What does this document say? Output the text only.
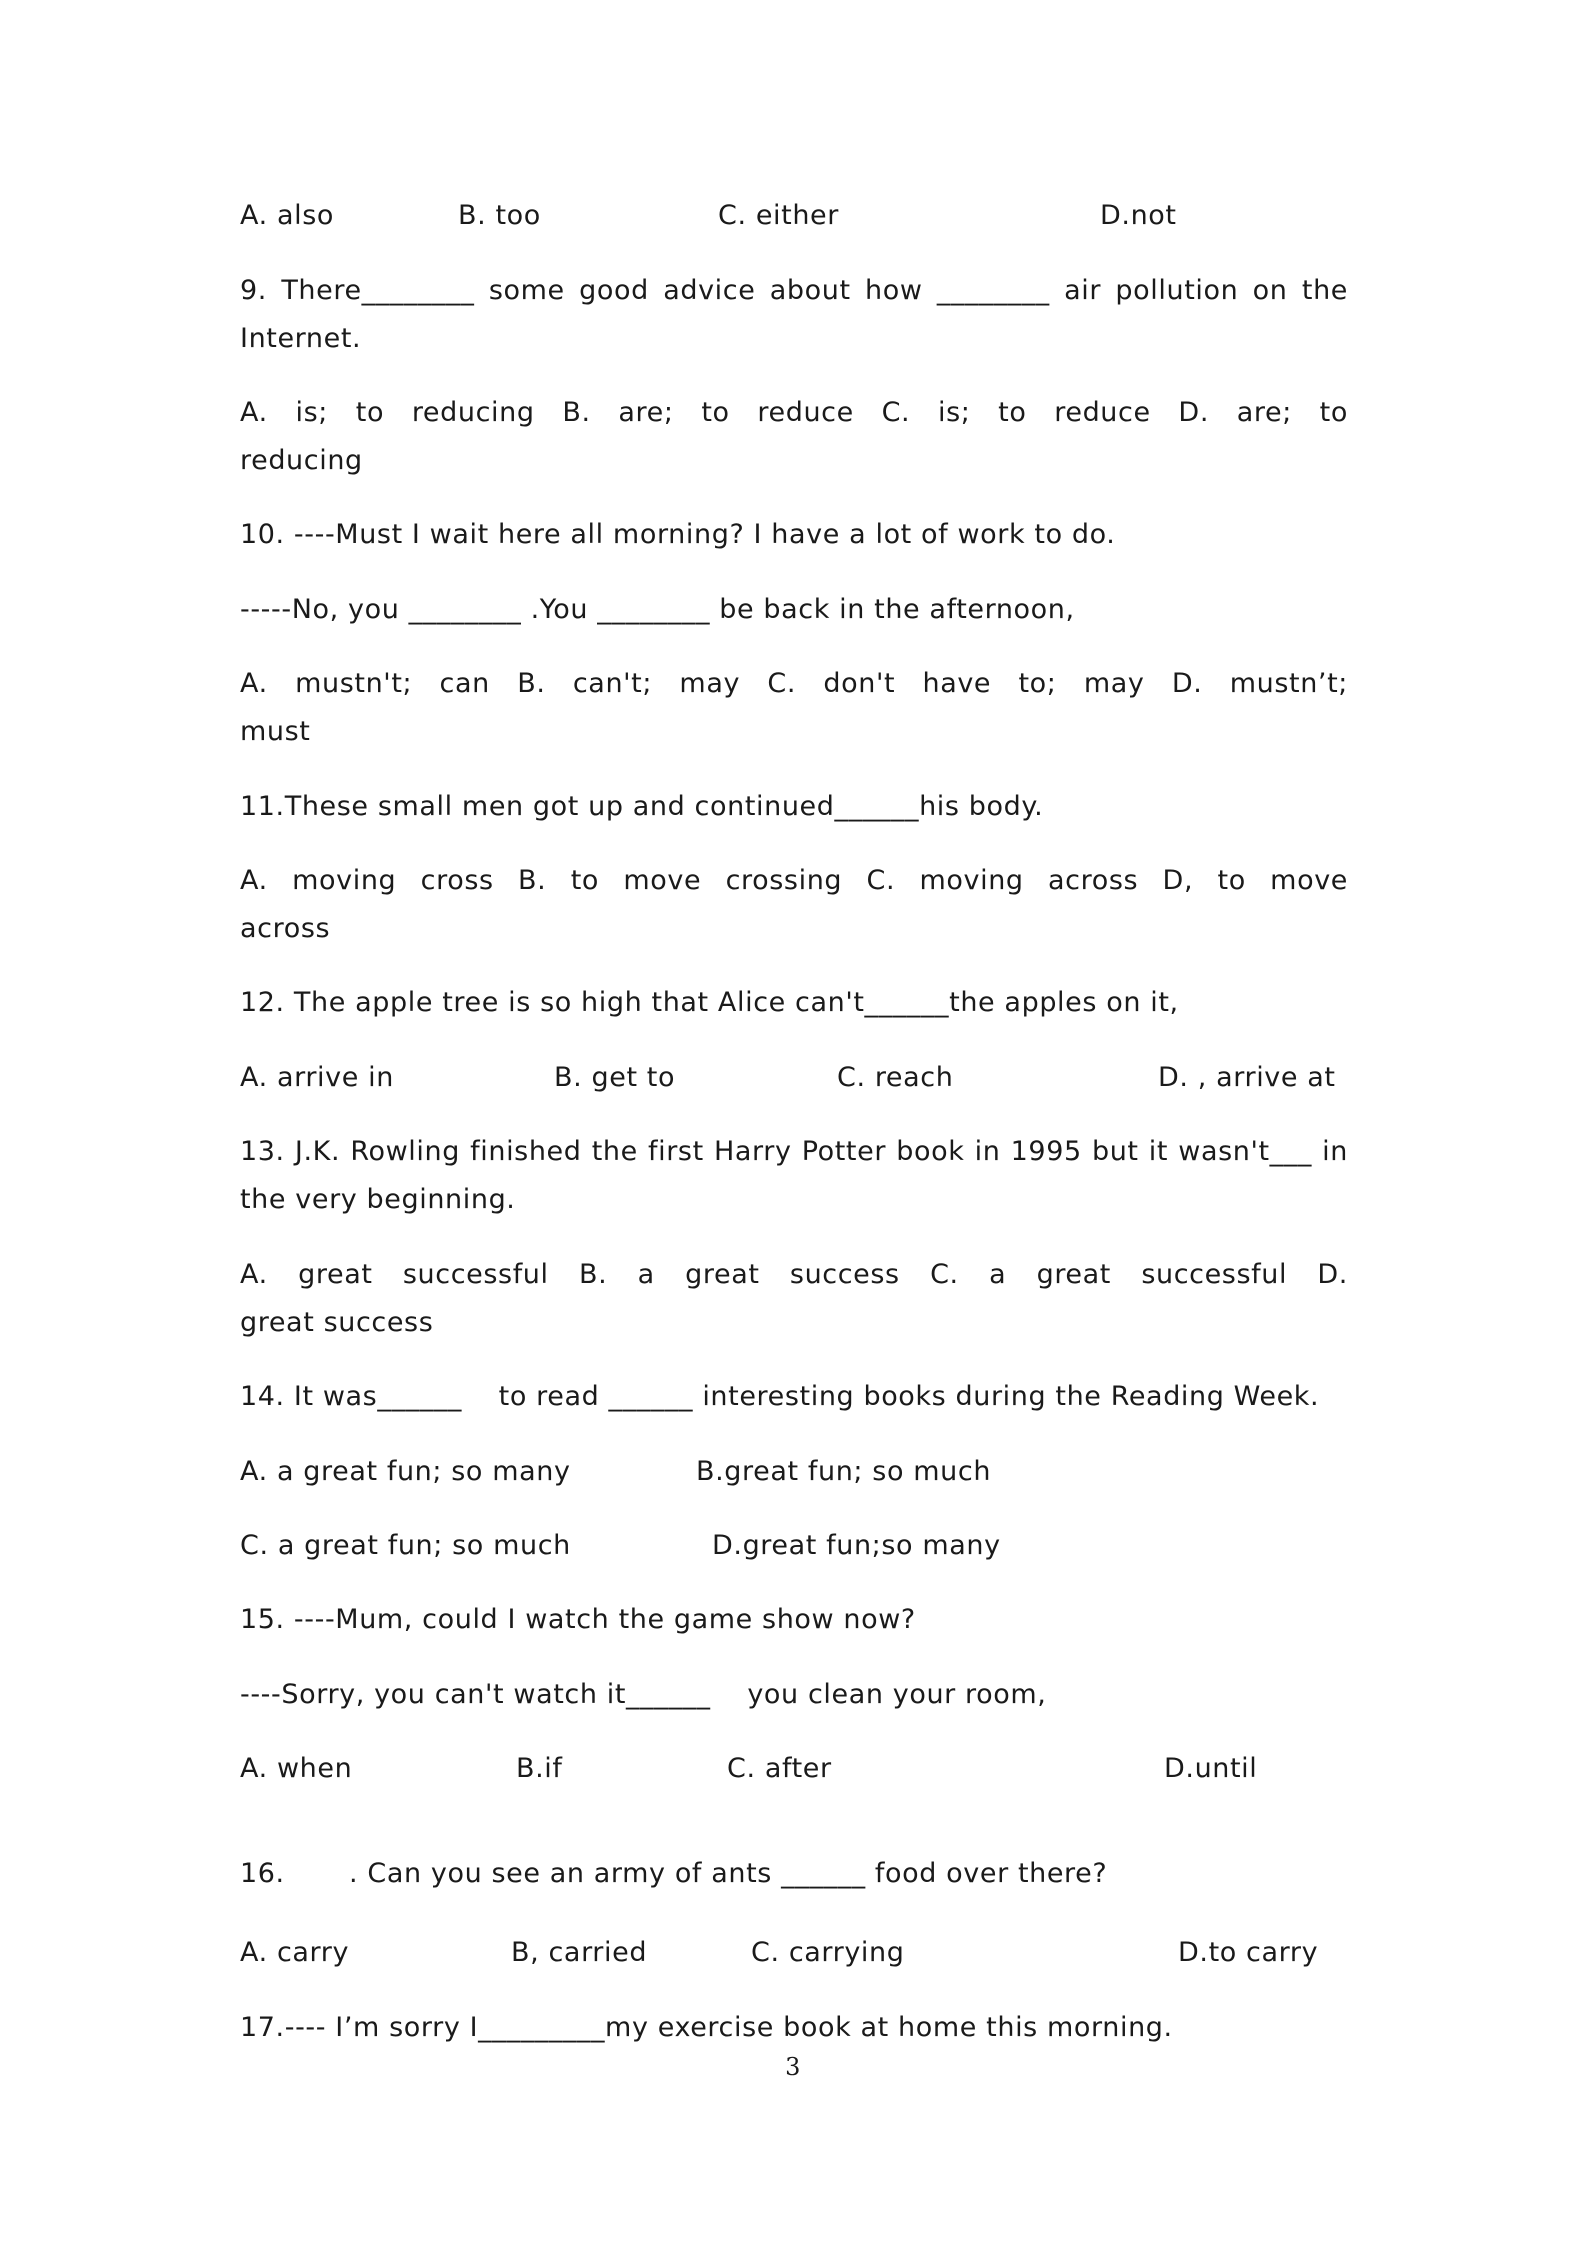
A. also	B. too	C. either	D.not

9. There________ some good advice about how ________ air pollution on the

Internet.

A. is; to reducing B. are; to reduce C. is; to reduce D. are; to

reducing

10. ----Must I wait here all morning? I have a lot of work to do.

-----No, you ________ .You ________ be back in the afternoon,

A. mustn't; can B. can't; may C. don't have to; may D. mustn’t;

must

11.These small men got up and continued______his body.

A. moving cross B. to move crossing C. moving across D, to move

across

12. The apple tree is so high that Alice can't______the apples on it,

A. arrive in	B. get to	C. reach	D. , arrive at

13. J.K. Rowling finished the first Harry Potter book in 1995 but it wasn't___ in

the very beginning.

A. great successful B. a great success C. a great successful D.

great success

14. It was______    to read ______ interesting books during the Reading Week.

A. a great fun; so many	B.great fun; so much
C. a great fun; so much	D.great fun;so many

15. ----Mum, could I watch the game show now?

----Sorry, you can't watch it______    you clean your room,

A. when	B.if	C. after	D.until

16.       . Can you see an army of ants ______ food over there?

A. carry	B, carried	C. carrying	D.to carry

17.---- I’m sorry I_________my exercise book at home this morning.

3
